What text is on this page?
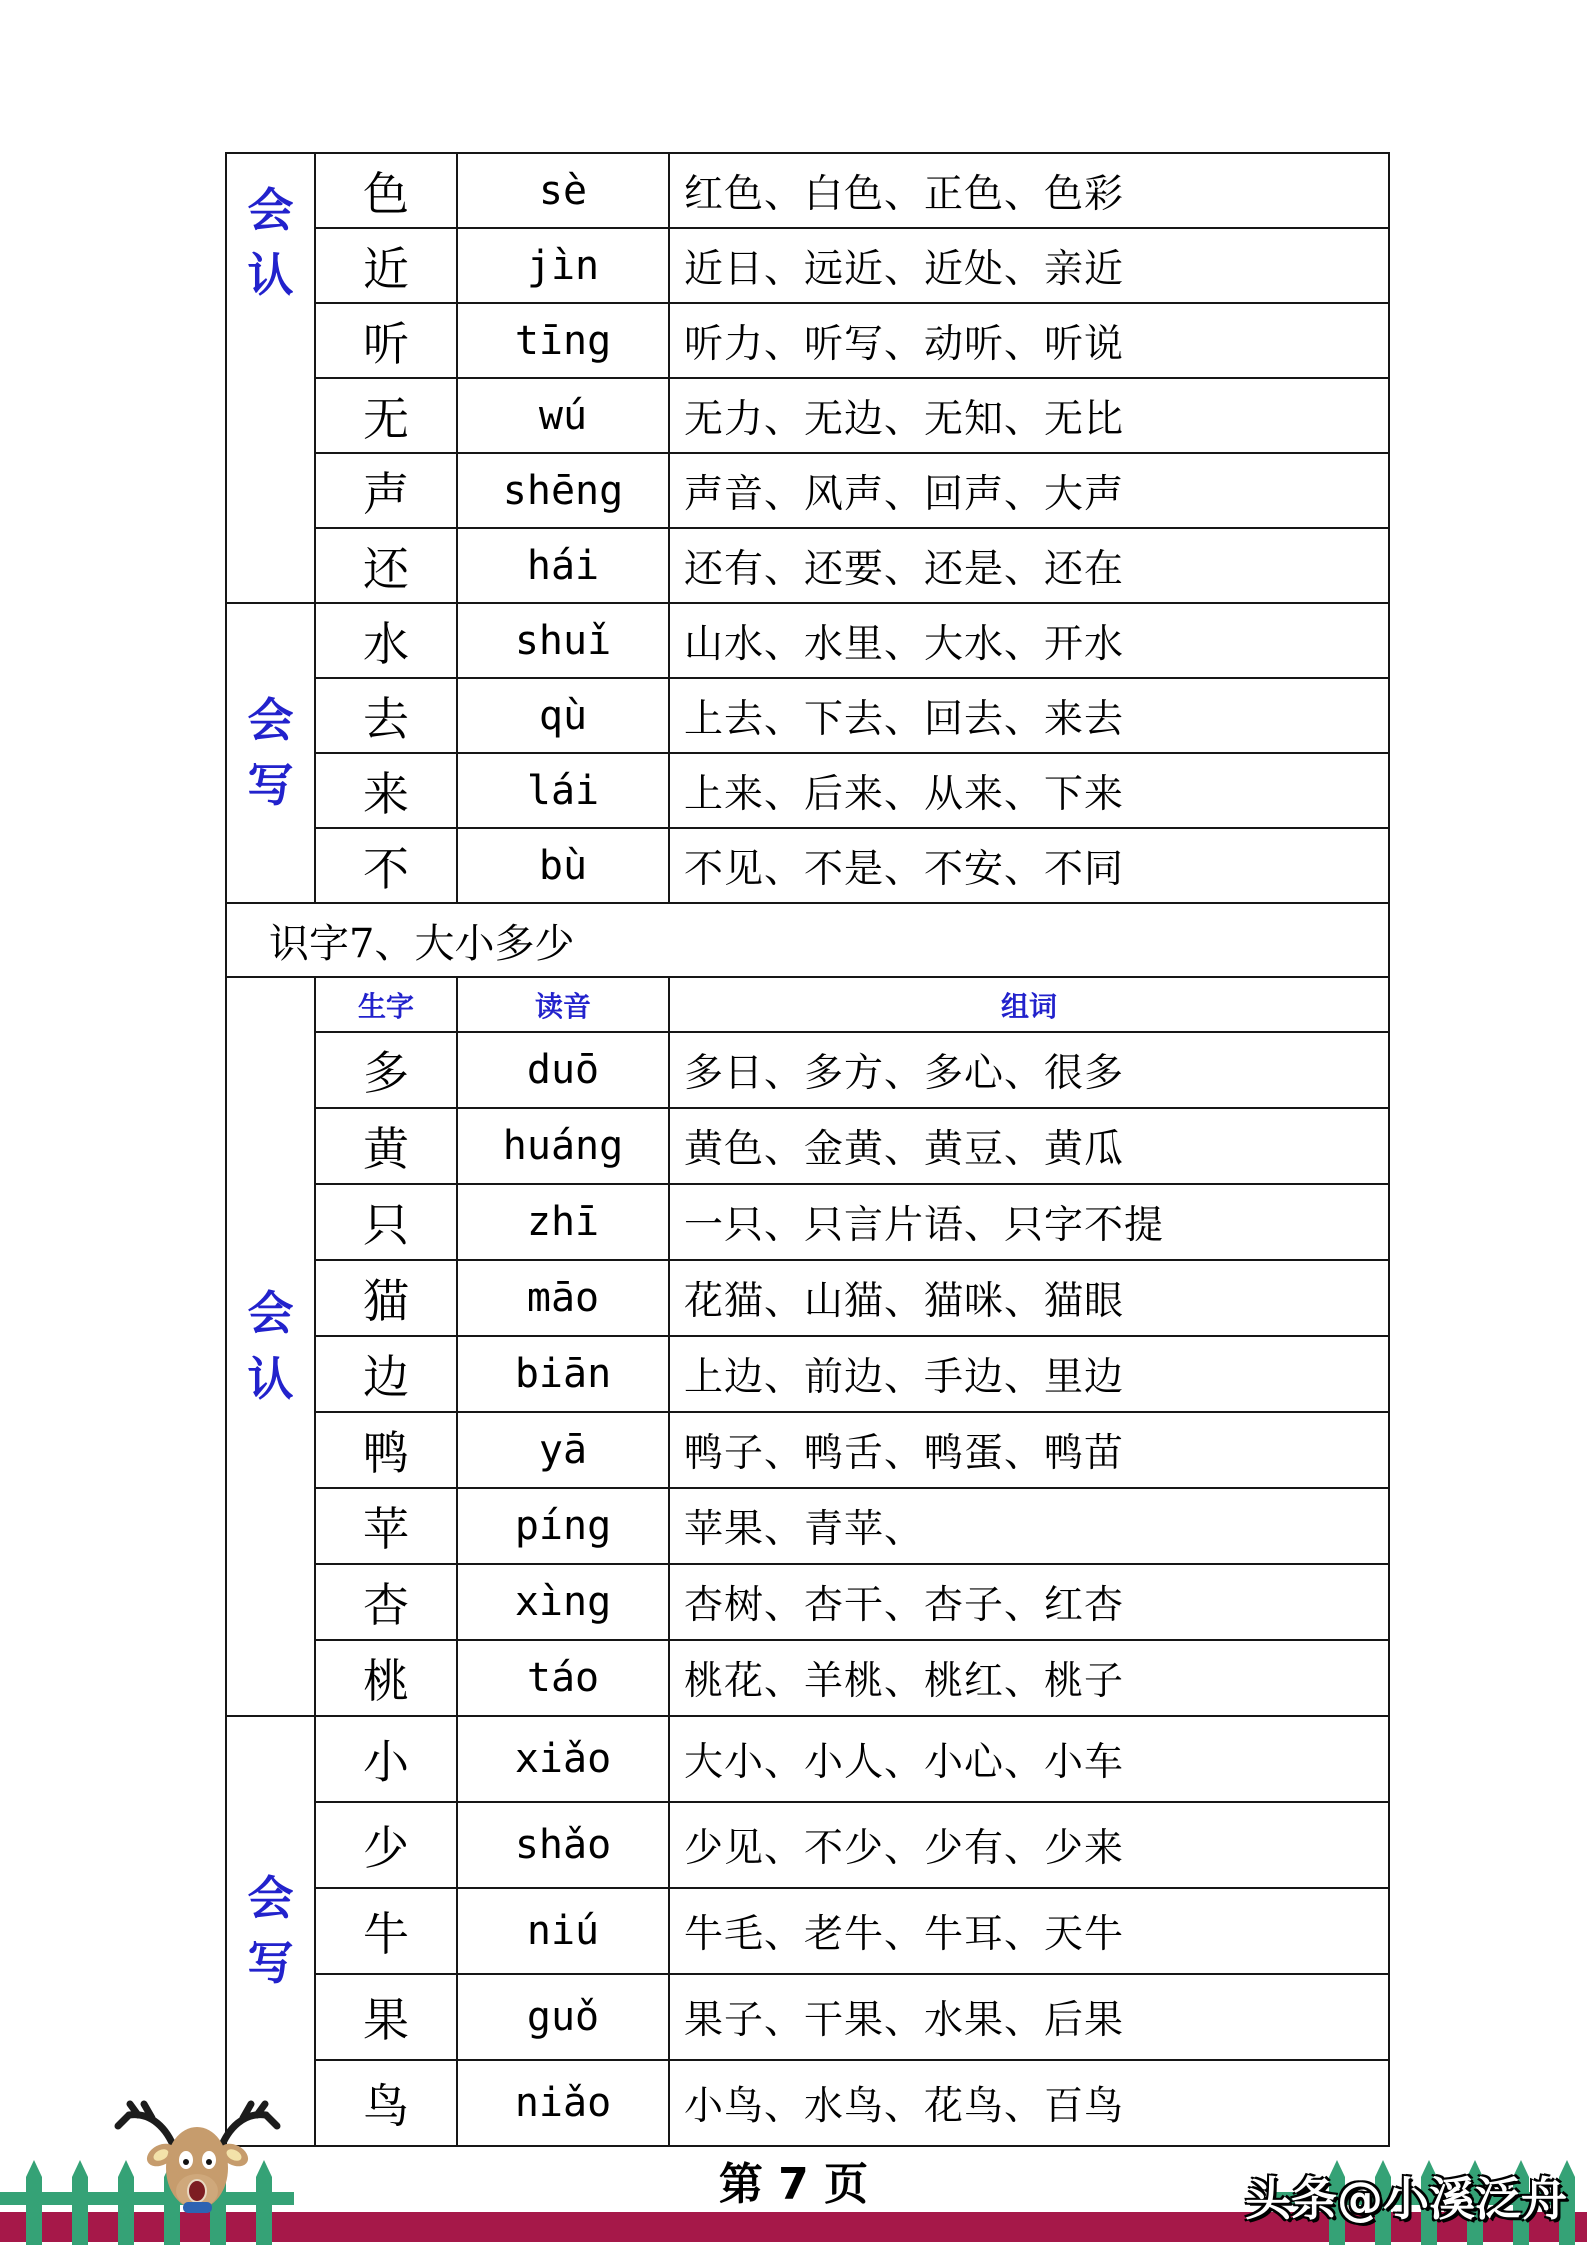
会认	色	sè	红色、白色、正色、色彩
	近	jìn	近日、远近、近处、亲近
	听	tīng	听力、听写、动听、听说
	无	wú	无力、无边、无知、无比
	声	shēng	声音、风声、回声、大声
	还	hái	还有、还要、还是、还在

会写	水	shuǐ	山水、水里、大水、开水
	去	qù	上去、下去、回去、来去
	来	lái	上来、后来、从来、下来
	不	bù	不见、不是、不安、不同
识字7、大小多少			

会认	生字	读音	组词
	多	duō	多日、多方、多心、很多
	黄	huáng	黄色、金黄、黄豆、黄瓜
	只	zhī	一只、只言片语、只字不提
	猫	māo	花猫、山猫、猫咪、猫眼
	边	biān	上边、前边、手边、里边
	鸭	yā	鸭子、鸭舌、鸭蛋、鸭苗
	苹	píng	苹果、青苹、
	杏	xìng	杏树、杏干、杏子、红杏
	桃	táo	桃花、羊桃、桃红、桃子

会写	小	xiǎo	大小、小人、小心、小车
	少	shǎo	少见、不少、少有、少来
	牛	niú	牛毛、老牛、牛耳、天牛
	果	guǒ	果子、干果、水果、后果
	鸟	niǎo	小鸟、水鸟、花鸟、百鸟
第 7 页	头条@小溪泛舟
